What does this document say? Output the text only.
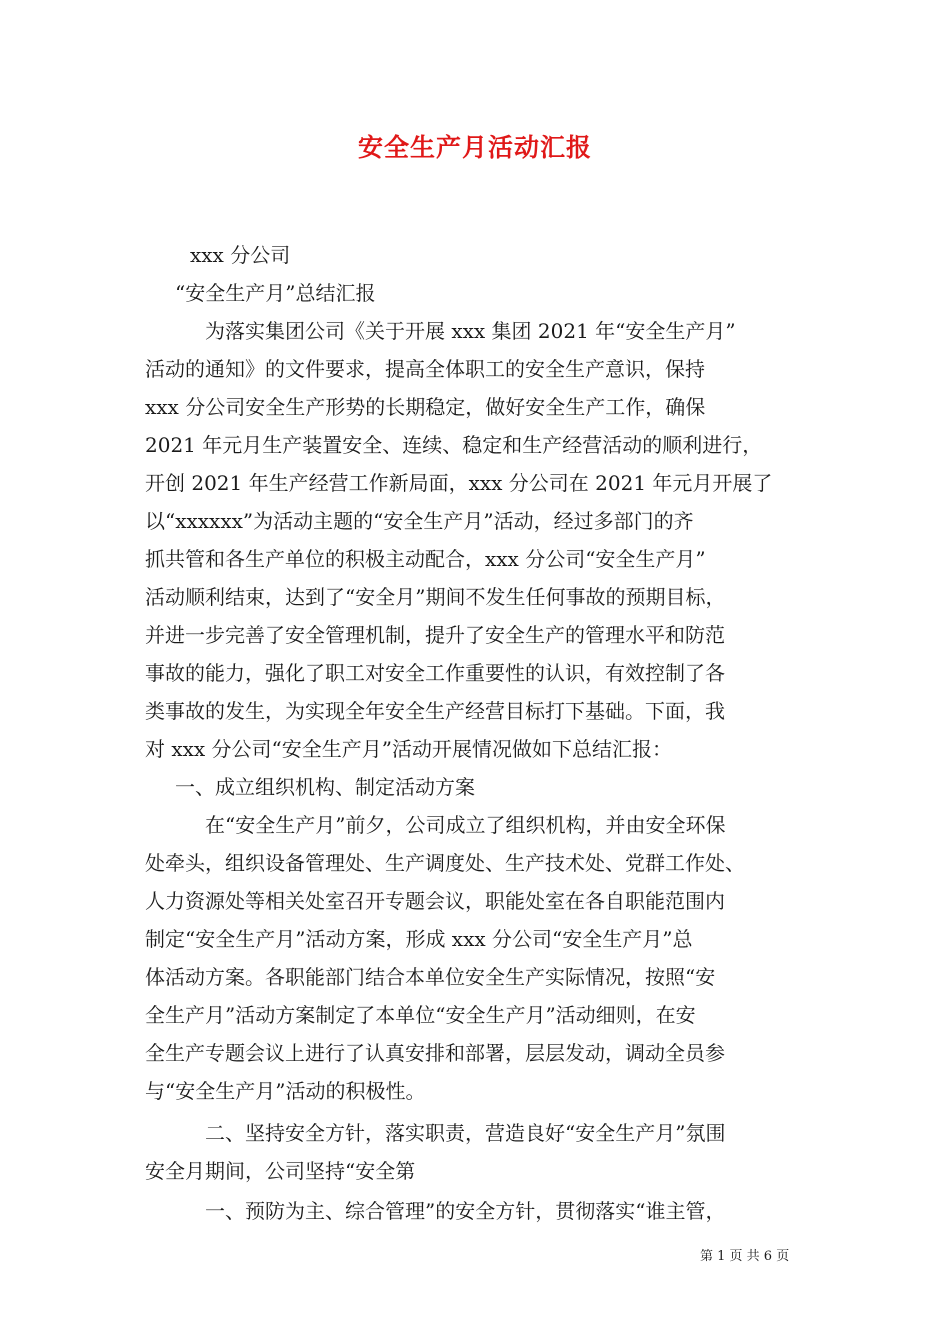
安全生产月活动汇报
xxx 分公司
“安全生产月”总结汇报
为落实集团公司《关于开展 xxx 集团 2021 年“安全生产月”
活动的通知》的文件要求，提高全体职工的安全生产意识，保持
xxx 分公司安全生产形势的长期稳定，做好安全生产工作，确保
2021 年元月生产装置安全、连续、稳定和生产经营活动的顺利进行，
开创 2021 年生产经营工作新局面，xxx 分公司在 2021 年元月开展了
以“xxxxxx”为活动主题的“安全生产月”活动，经过多部门的齐
抓共管和各生产单位的积极主动配合，xxx 分公司“安全生产月”
活动顺利结束，达到了“安全月”期间不发生任何事故的预期目标，
并进一步完善了安全管理机制，提升了安全生产的管理水平和防范
事故的能力，强化了职工对安全工作重要性的认识，有效控制了各
类事故的发生，为实现全年安全生产经营目标打下基础。下面，我
对 xxx 分公司“安全生产月”活动开展情况做如下总结汇报：
一、成立组织机构、制定活动方案
在“安全生产月”前夕，公司成立了组织机构，并由安全环保
处牵头，组织设备管理处、生产调度处、生产技术处、党群工作处、
人力资源处等相关处室召开专题会议，职能处室在各自职能范围内
制定“安全生产月”活动方案，形成 xxx 分公司“安全生产月”总
体活动方案。各职能部门结合本单位安全生产实际情况，按照“安
全生产月”活动方案制定了本单位“安全生产月”活动细则，在安
全生产专题会议上进行了认真安排和部署，层层发动，调动全员参
与“安全生产月”活动的积极性。
二、坚持安全方针，落实职责，营造良好“安全生产月”氛围
安全月期间，公司坚持“安全第
一、预防为主、综合管理”的安全方针，贯彻落实“谁主管，
第 1 页 共 6 页
